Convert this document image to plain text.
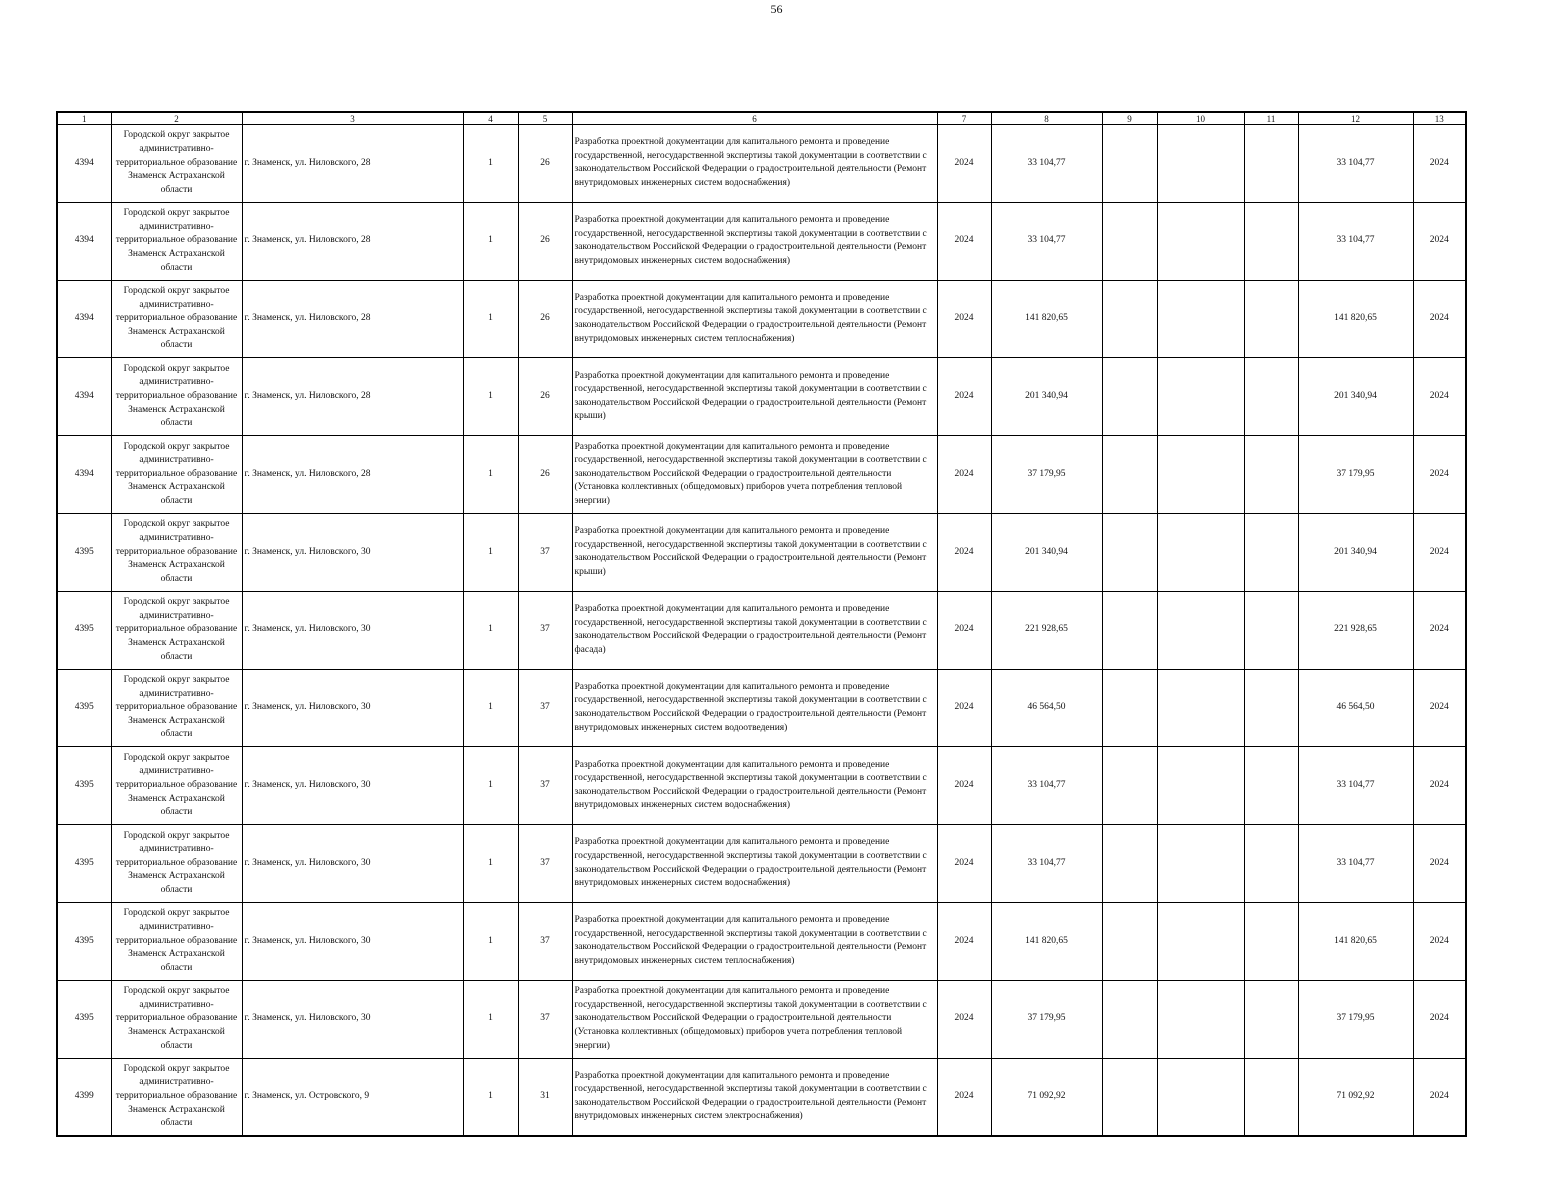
56
1	2	3	4	5	6	7	8	9	10	11	12	13
4394	Городской округ закрытое административно-территориальное образование Знаменск Астраханской области	г. Знаменск, ул. Ниловского, 28	1	26	Разработка проектной документации для капитального ремонта и проведение государственной, негосударственной экспертизы такой документации в соответствии с законодательством Российской Федерации о градостроительной деятельности (Ремонт внутридомовых инженерных систем водоснабжения)	2024	33 104,77				33 104,77	2024
4394	Городской округ закрытое административно-территориальное образование Знаменск Астраханской области	г. Знаменск, ул. Ниловского, 28	1	26	Разработка проектной документации для капитального ремонта и проведение государственной, негосударственной экспертизы такой документации в соответствии с законодательством Российской Федерации о градостроительной деятельности (Ремонт внутридомовых инженерных систем водоснабжения)	2024	33 104,77				33 104,77	2024
4394	Городской округ закрытое административно-территориальное образование Знаменск Астраханской области	г. Знаменск, ул. Ниловского, 28	1	26	Разработка проектной документации для капитального ремонта и проведение государственной, негосударственной экспертизы такой документации в соответствии с законодательством Российской Федерации о градостроительной деятельности (Ремонт внутридомовых инженерных систем теплоснабжения)	2024	141 820,65				141 820,65	2024
4394	Городской округ закрытое административно-территориальное образование Знаменск Астраханской области	г. Знаменск, ул. Ниловского, 28	1	26	Разработка проектной документации для капитального ремонта и проведение государственной, негосударственной экспертизы такой документации в соответствии с законодательством Российской Федерации о градостроительной деятельности (Ремонт крыши)	2024	201 340,94				201 340,94	2024
4394	Городской округ закрытое административно-территориальное образование Знаменск Астраханской области	г. Знаменск, ул. Ниловского, 28	1	26	Разработка проектной документации для капитального ремонта и проведение государственной, негосударственной экспертизы такой документации в соответствии с законодательством Российской Федерации о градостроительной деятельности (Установка коллективных (общедомовых) приборов учета потребления тепловой энергии)	2024	37 179,95				37 179,95	2024
4395	Городской округ закрытое административно-территориальное образование Знаменск Астраханской области	г. Знаменск, ул. Ниловского, 30	1	37	Разработка проектной документации для капитального ремонта и проведение государственной, негосударственной экспертизы такой документации в соответствии с законодательством Российской Федерации о градостроительной деятельности (Ремонт крыши)	2024	201 340,94				201 340,94	2024
4395	Городской округ закрытое административно-территориальное образование Знаменск Астраханской области	г. Знаменск, ул. Ниловского, 30	1	37	Разработка проектной документации для капитального ремонта и проведение государственной, негосударственной экспертизы такой документации в соответствии с законодательством Российской Федерации о градостроительной деятельности (Ремонт фасада)	2024	221 928,65				221 928,65	2024
4395	Городской округ закрытое административно-территориальное образование Знаменск Астраханской области	г. Знаменск, ул. Ниловского, 30	1	37	Разработка проектной документации для капитального ремонта и проведение государственной, негосударственной экспертизы такой документации в соответствии с законодательством Российской Федерации о градостроительной деятельности (Ремонт внутридомовых инженерных систем водоотведения)	2024	46 564,50				46 564,50	2024
4395	Городской округ закрытое административно-территориальное образование Знаменск Астраханской области	г. Знаменск, ул. Ниловского, 30	1	37	Разработка проектной документации для капитального ремонта и проведение государственной, негосударственной экспертизы такой документации в соответствии с законодательством Российской Федерации о градостроительной деятельности (Ремонт внутридомовых инженерных систем водоснабжения)	2024	33 104,77				33 104,77	2024
4395	Городской округ закрытое административно-территориальное образование Знаменск Астраханской области	г. Знаменск, ул. Ниловского, 30	1	37	Разработка проектной документации для капитального ремонта и проведение государственной, негосударственной экспертизы такой документации в соответствии с законодательством Российской Федерации о градостроительной деятельности (Ремонт внутридомовых инженерных систем водоснабжения)	2024	33 104,77				33 104,77	2024
4395	Городской округ закрытое административно-территориальное образование Знаменск Астраханской области	г. Знаменск, ул. Ниловского, 30	1	37	Разработка проектной документации для капитального ремонта и проведение государственной, негосударственной экспертизы такой документации в соответствии с законодательством Российской Федерации о градостроительной деятельности (Ремонт внутридомовых инженерных систем теплоснабжения)	2024	141 820,65				141 820,65	2024
4395	Городской округ закрытое административно-территориальное образование Знаменск Астраханской области	г. Знаменск, ул. Ниловского, 30	1	37	Разработка проектной документации для капитального ремонта и проведение государственной, негосударственной экспертизы такой документации в соответствии с законодательством Российской Федерации о градостроительной деятельности (Установка коллективных (общедомовых) приборов учета потребления тепловой энергии)	2024	37 179,95				37 179,95	2024
4399	Городской округ закрытое административно-территориальное образование Знаменск Астраханской области	г. Знаменск, ул. Островского, 9	1	31	Разработка проектной документации для капитального ремонта и проведение государственной, негосударственной экспертизы такой документации в соответствии с законодательством Российской Федерации о градостроительной деятельности (Ремонт внутридомовых инженерных систем электроснабжения)	2024	71 092,92				71 092,92	2024
